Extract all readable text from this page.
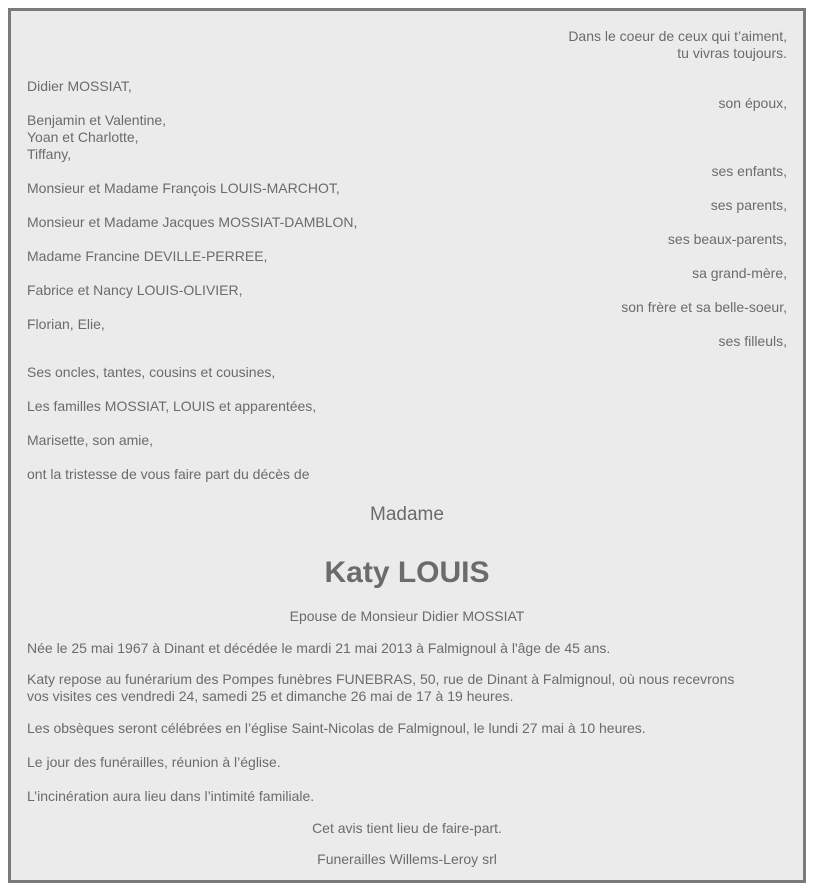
Dans le coeur de ceux qui t’aiment,
tu vivras toujours.
Didier MOSSIAT,
son époux,
Benjamin et Valentine,
Yoan et Charlotte,
Tiffany,
ses enfants,
Monsieur et Madame François LOUIS-MARCHOT,
ses parents,
Monsieur et Madame Jacques MOSSIAT-DAMBLON,
ses beaux-parents,
Madame Francine DEVILLE-PERREE,
sa grand-mère,
Fabrice et Nancy LOUIS-OLIVIER,
son frère et sa belle-soeur,
Florian, Elie,
ses filleuls,
Ses oncles, tantes, cousins et cousines,
Les familles MOSSIAT, LOUIS et apparentées,
Marisette, son amie,
ont la tristesse de vous faire part du décès de
Madame
Katy LOUIS
Epouse de Monsieur Didier MOSSIAT
Née le 25 mai 1967 à Dinant et décédée le mardi 21 mai 2013 à Falmignoul à l'âge de 45 ans.
Katy repose au funérarium des Pompes funèbres FUNEBRAS, 50, rue de Dinant à Falmignoul, où nous recevrons
vos visites ces vendredi 24, samedi 25 et dimanche 26 mai de 17 à 19 heures.
Les obsèques seront célébrées en l’église Saint-Nicolas de Falmignoul, le lundi 27 mai à 10 heures.
Le jour des funérailles, réunion à l’église.
L’incinération aura lieu dans l’intimité familiale.
Cet avis tient lieu de faire-part.
Funerailles Willems-Leroy srl
